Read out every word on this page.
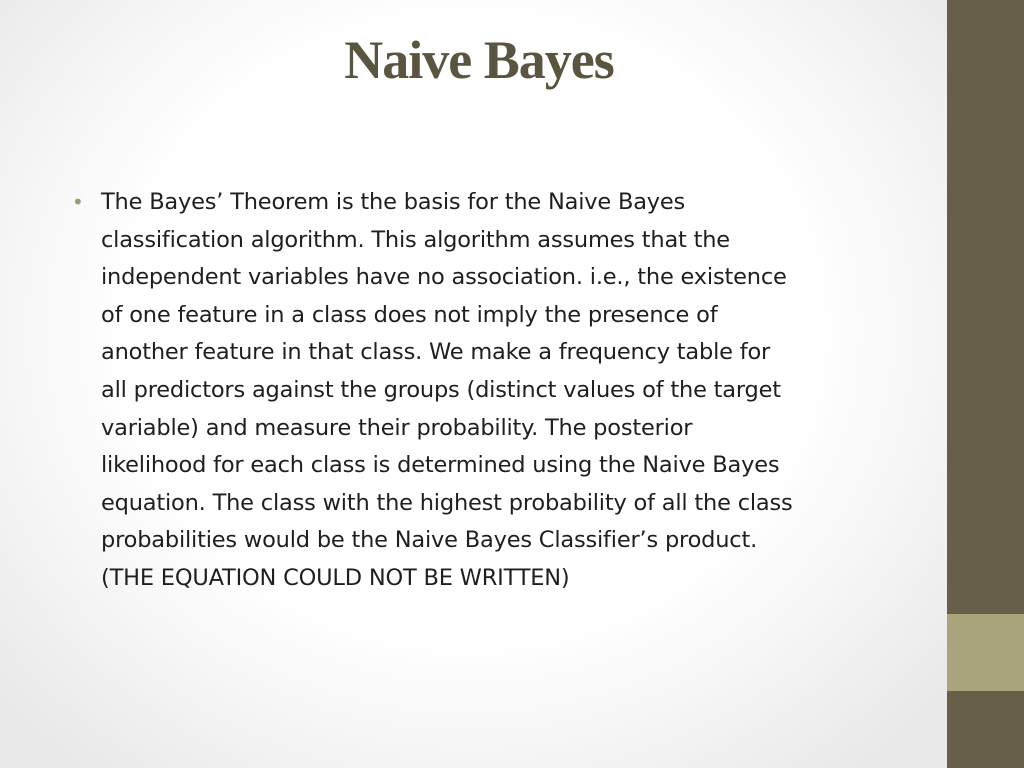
Naive Bayes
• The Bayes’ Theorem is the basis for the Naive Bayes
classification algorithm. This algorithm assumes that the
independent variables have no association. i.e., the existence
of one feature in a class does not imply the presence of
another feature in that class. We make a frequency table for
all predictors against the groups (distinct values of the target
variable) and measure their probability. The posterior
likelihood for each class is determined using the Naive Bayes
equation. The class with the highest probability of all the class
probabilities would be the Naive Bayes Classifier’s product.
(THE EQUATION COULD NOT BE WRITTEN)
